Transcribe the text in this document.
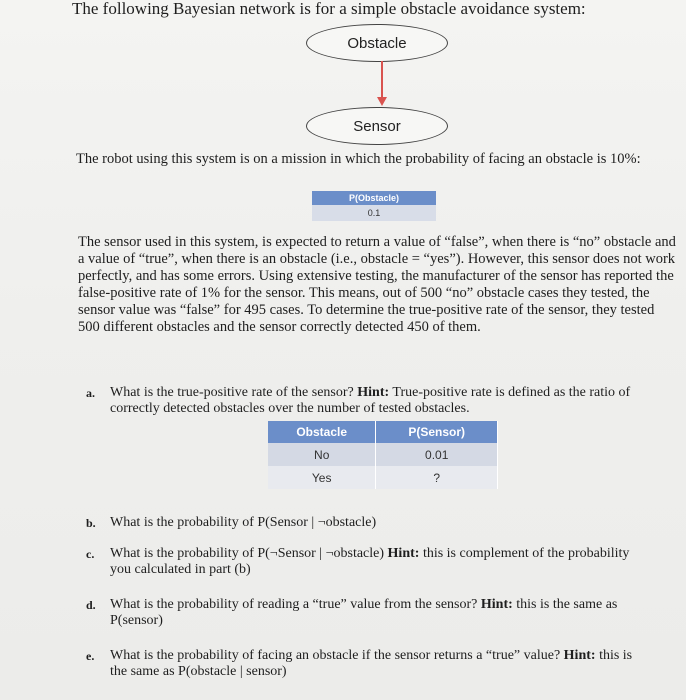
The following Bayesian network is for a simple obstacle avoidance system:
Obstacle
Sensor
The robot using this system is on a mission in which the probability of facing an obstacle is 10%:
P(Obstacle)
0.1
The sensor used in this system, is expected to return a value of “false”, when there is “no” obstacle and a value of “true”, when there is an obstacle (i.e., obstacle = “yes”). However, this sensor does not work perfectly, and has some errors. Using extensive testing, the manufacturer of the sensor has reported the false-positive rate of 1% for the sensor. This means, out of 500 “no” obstacle cases they tested, the sensor value was “false” for 495 cases. To determine the true-positive rate of the sensor, they tested 500 different obstacles and the sensor correctly detected 450 of them.
a. What is the true-positive rate of the sensor? Hint: True-positive rate is defined as the ratio of correctly detected obstacles over the number of tested obstacles.
Obstacle	P(Sensor)
No	0.01
Yes	?
b. What is the probability of P(Sensor | ¬obstacle)
c. What is the probability of P(¬Sensor | ¬obstacle) Hint: this is complement of the probability you calculated in part (b)
d. What is the probability of reading a “true” value from the sensor? Hint: this is the same as P(sensor)
e. What is the probability of facing an obstacle if the sensor returns a “true” value? Hint: this is the same as P(obstacle | sensor)
